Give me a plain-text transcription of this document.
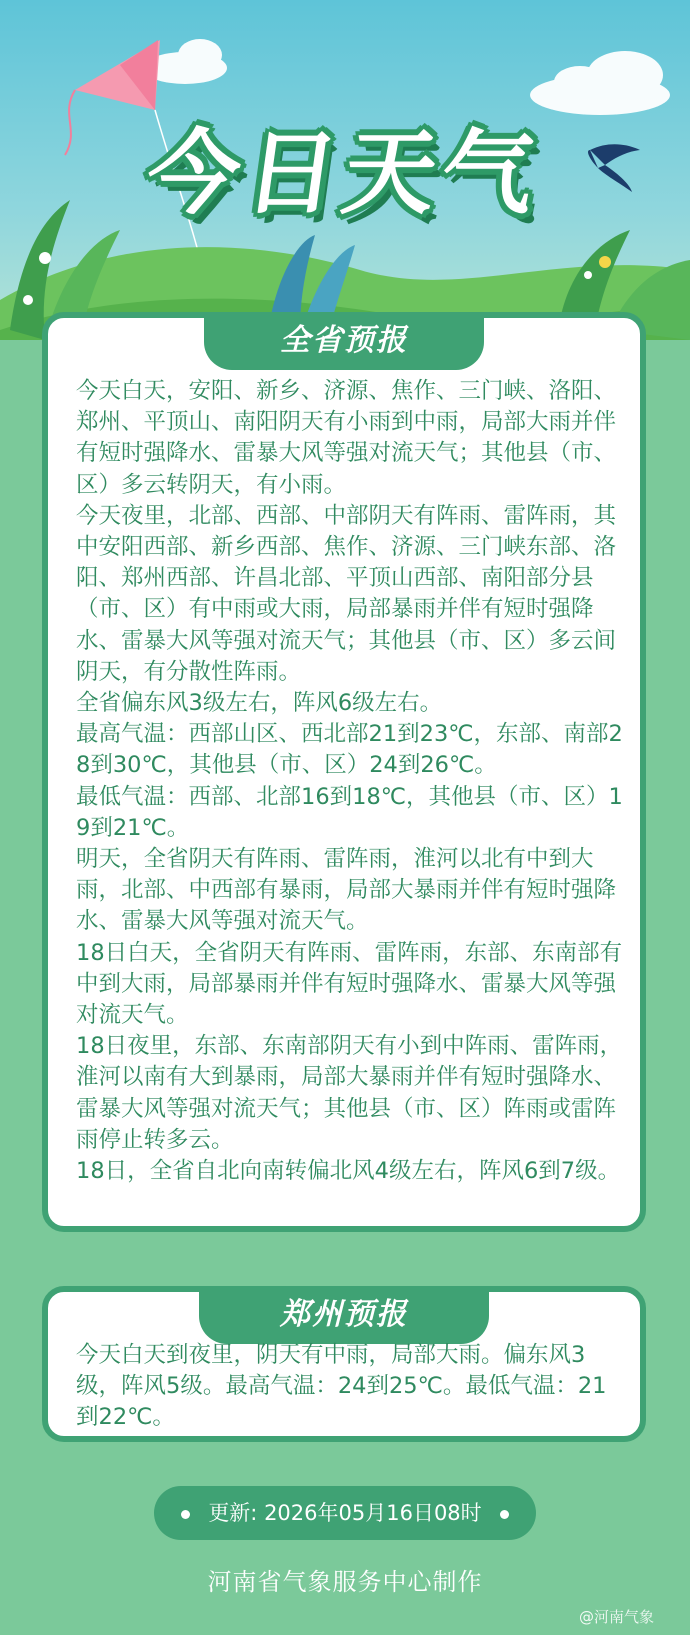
今日天气
全省预报

今天白天，安阳、新乡、济源、焦作、三门峡、洛阳、郑州、平顶山、南阳阴天有小雨到中雨，局部大雨并伴有短时强降水、雷暴大风等强对流天气；其他县（市、区）多云转阴天，有小雨。

今天夜里，北部、西部、中部阴天有阵雨、雷阵雨，其中安阳西部、新乡西部、焦作、济源、三门峡东部、洛阳、郑州西部、许昌北部、平顶山西部、南阳部分县（市、区）有中雨或大雨，局部暴雨并伴有短时强降水、雷暴大风等强对流天气；其他县（市、区）多云间阴天，有分散性阵雨。

全省偏东风3级左右，阵风6级左右。

最高气温：西部山区、西北部21到23℃，东部、南部28到30℃，其他县（市、区）24到26℃。

最低气温：西部、北部16到18℃，其他县（市、区）19到21℃。

明天，全省阴天有阵雨、雷阵雨，淮河以北有中到大雨，北部、中西部有暴雨，局部大暴雨并伴有短时强降水、雷暴大风等强对流天气。

18日白天，全省阴天有阵雨、雷阵雨，东部、东南部有中到大雨，局部暴雨并伴有短时强降水、雷暴大风等强对流天气。

18日夜里，东部、东南部阴天有小到中阵雨、雷阵雨，淮河以南有大到暴雨，局部大暴雨并伴有短时强降水、雷暴大风等强对流天气；其他县（市、区）阵雨或雷阵雨停止转多云。

18日，全省自北向南转偏北风4级左右，阵风6到7级。

郑州预报

今天白天到夜里，阴天有中雨，局部大雨。偏东风3级，阵风5级。最高气温：24到25℃。最低气温：21到22℃。

更新: 2026年05月16日08时
河南省气象服务中心制作
@河南气象
